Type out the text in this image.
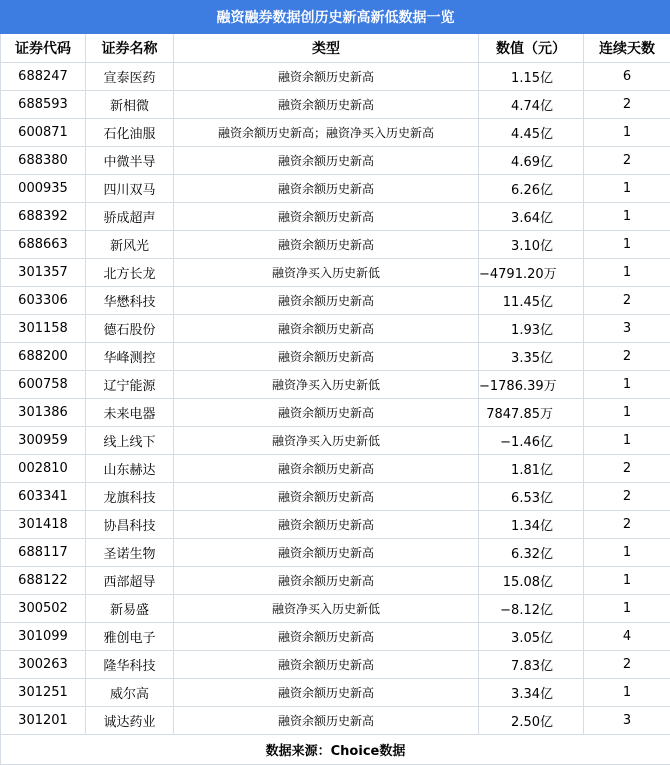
融资融券数据创历史新高新低数据一览				
证券代码	证券名称	类型	数值（元）	连续天数
688247	宣泰医药	融资余额历史新高	1.15亿	6
688593	新相微	融资余额历史新高	4.74亿	2
600871	石化油服	融资余额历史新高；融资净买入历史新高	4.45亿	1
688380	中微半导	融资余额历史新高	4.69亿	2
000935	四川双马	融资余额历史新高	6.26亿	1
688392	骄成超声	融资余额历史新高	3.64亿	1
688663	新风光	融资余额历史新高	3.10亿	1
301357	北方长龙	融资净买入历史新低	−4791.20万	1
603306	华懋科技	融资余额历史新高	11.45亿	2
301158	德石股份	融资余额历史新高	1.93亿	3
688200	华峰测控	融资余额历史新高	3.35亿	2
600758	辽宁能源	融资净买入历史新低	−1786.39万	1
301386	未来电器	融资余额历史新高	7847.85万	1
300959	线上线下	融资净买入历史新低	−1.46亿	1
002810	山东赫达	融资余额历史新高	1.81亿	2
603341	龙旗科技	融资余额历史新高	6.53亿	2
301418	协昌科技	融资余额历史新高	1.34亿	2
688117	圣诺生物	融资余额历史新高	6.32亿	1
688122	西部超导	融资余额历史新高	15.08亿	1
300502	新易盛	融资净买入历史新低	−8.12亿	1
301099	雅创电子	融资余额历史新高	3.05亿	4
300263	隆华科技	融资余额历史新高	7.83亿	2
301251	威尔高	融资余额历史新高	3.34亿	1
301201	诚达药业	融资余额历史新高	2.50亿	3
数据来源：Choice数据				
